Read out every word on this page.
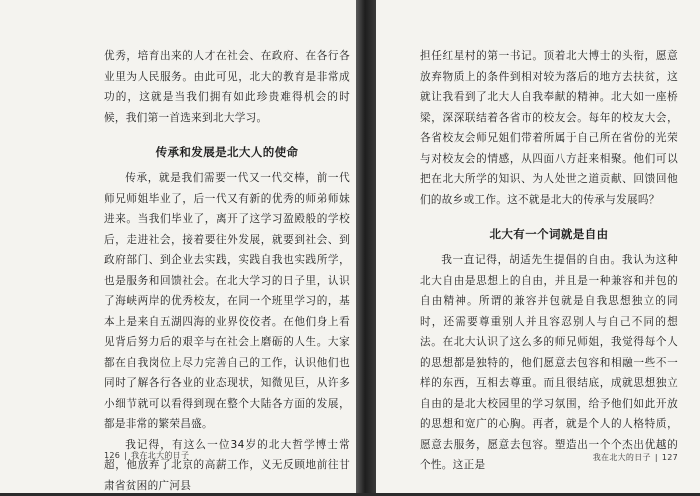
优秀，培育出来的人才在社会、在政府、在各行各业里为人民服务。由此可见，北大的教育是非常成功的，这就是当我们拥有如此珍贵难得机会的时候，我们第一首选来到北大学习。

传承和发展是北大人的使命

传承，就是我们需要一代又一代交棒，前一代师兄师姐毕业了，后一代又有新的优秀的师弟师妹进来。当我们毕业了，离开了这学习盈殿般的学校后，走进社会，接着要往外发展，就要到社会、到政府部门、到企业去实践，实践自我也实践所学，也是服务和回馈社会。在北大学习的日子里，认识了海峡两岸的优秀校友，在同一个班里学习的，基本上是来自五湖四海的业界佼佼者。在他们身上看见背后努力后的艰辛与在社会上磨砺的人生。大家都在自我岗位上尽力完善自己的工作，认识他们也同时了解各行各业的业态现状，知微见巨，从许多小细节就可以看得到现在整个大陆各方面的发展，都是非常的繁荣昌盛。

我记得，有这么一位34岁的北大哲学博士常超，他放弃了北京的高薪工作，义无反顾地前往甘肃省贫困的广河县

126 | 我在北大的日子

担任红星村的第一书记。顶着北大博士的头衔，愿意放弃物质上的条件到相对较为落后的地方去扶贫，这就让我看到了北大人自我奉献的精神。北大如一座桥梁，深深联结着各省市的校友会。每年的校友大会，各省校友会师兄姐们带着所属于自己所在省份的光荣与对校友会的情感，从四面八方赶来相聚。他们可以把在北大所学的知识、为人处世之道贡献、回馈回他们的故乡或工作。这不就是北大的传承与发展吗？

北大有一个词就是自由

我一直记得，胡适先生提倡的自由。我认为这种北大自由是思想上的自由，并且是一种兼容和并包的自由精神。所谓的兼容并包就是自我思想独立的同时，还需要尊重别人并且容忍别人与自己不同的想法。在北大认识了这么多的师兄师姐，我觉得每个人的思想都是独特的，他们愿意去包容和相融一些不一样的东西，互相去尊重。而且很结底，成就思想独立自由的是北大校园里的学习氛围，给予他们如此开放的思想和宽广的心胸。再者，就是个人的人格特质，愿意去服务，愿意去包容。塑造出一个个杰出优越的个性。这正是

我在北大的日子 | 127
